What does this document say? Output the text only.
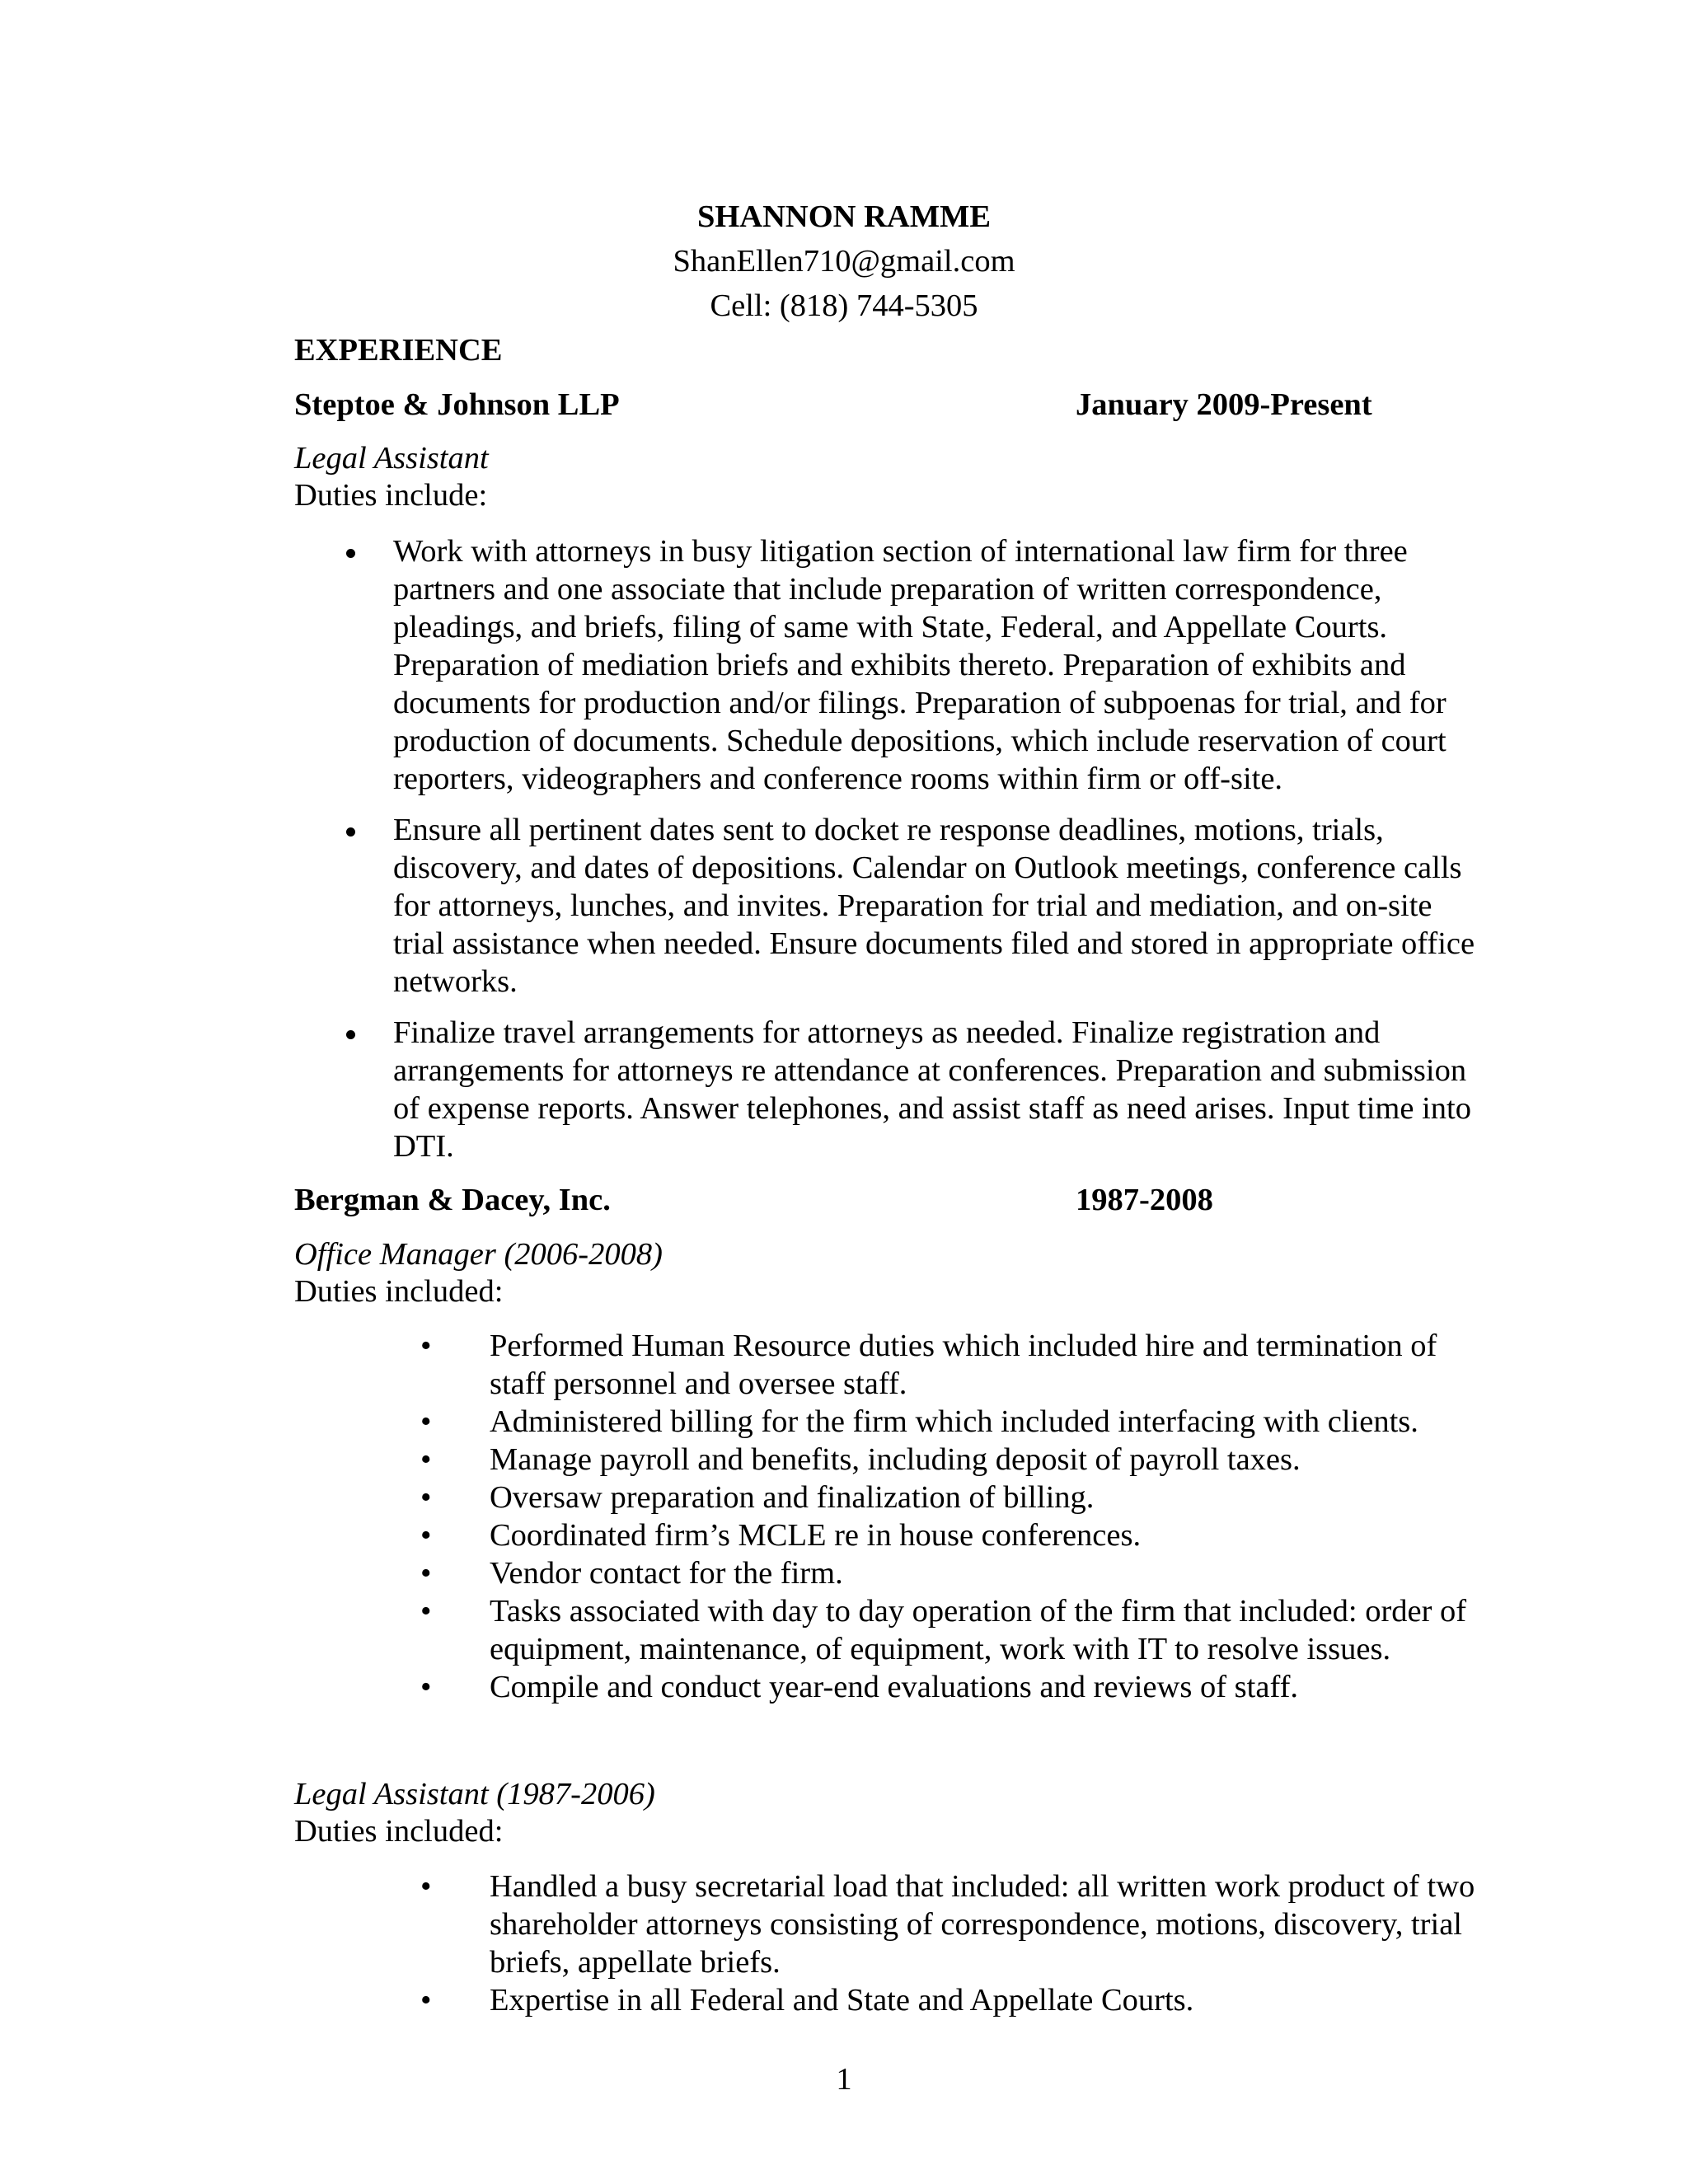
SHANNON RAMME
ShanEllen710@gmail.com
Cell: (818) 744-5305
EXPERIENCE
Steptoe & Johnson LLP	January 2009-Present
Legal Assistant
Duties include:
Work with attorneys in busy litigation section of international law firm for three partners and one associate that include preparation of written correspondence, pleadings, and briefs, filing of same with State, Federal, and Appellate Courts. Preparation of mediation briefs and exhibits thereto. Preparation of exhibits and documents for production and/or filings. Preparation of subpoenas for trial, and for production of documents. Schedule depositions, which include reservation of court reporters, videographers and conference rooms within firm or off-site.
Ensure all pertinent dates sent to docket re response deadlines, motions, trials, discovery, and dates of depositions. Calendar on Outlook meetings, conference calls for attorneys, lunches, and invites. Preparation for trial and mediation, and on-site trial assistance when needed. Ensure documents filed and stored in appropriate office networks.
Finalize travel arrangements for attorneys as needed. Finalize registration and arrangements for attorneys re attendance at conferences. Preparation and submission of expense reports. Answer telephones, and assist staff as need arises. Input time into DTI.
Bergman & Dacey, Inc.	1987-2008
Office Manager (2006-2008)
Duties included:
• Performed Human Resource duties which included hire and termination of staff personnel and oversee staff.
• Administered billing for the firm which included interfacing with clients.
• Manage payroll and benefits, including deposit of payroll taxes.
• Oversaw preparation and finalization of billing.
• Coordinated firm’s MCLE re in house conferences.
• Vendor contact for the firm.
• Tasks associated with day to day operation of the firm that included: order of equipment, maintenance, of equipment, work with IT to resolve issues.
• Compile and conduct year-end evaluations and reviews of staff.
Legal Assistant (1987-2006)
Duties included:
• Handled a busy secretarial load that included: all written work product of two shareholder attorneys consisting of correspondence, motions, discovery, trial briefs, appellate briefs.
• Expertise in all Federal and State and Appellate Courts.
1
